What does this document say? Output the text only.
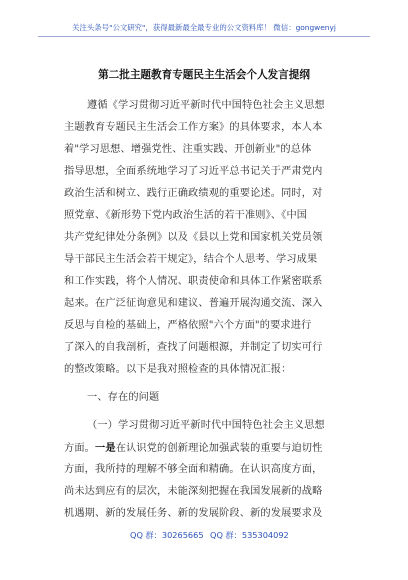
关注头条号"公文研究"，获得最新最全最专业的公文资料库！ 微信：gongwenyj
第二批主题教育专题民主生活会个人发言提纲
遵循《学习贯彻习近平新时代中国特色社会主义思想
主题教育专题民主生活会工作方案》的具体要求，本人本
着"学习思想、增强党性、注重实践、开创新业"的总体
指导思想，全面系统地学习了习近平总书记关于严肃党内
政治生活和树立、践行正确政绩观的重要论述。同时，对
照党章、《新形势下党内政治生活的若干准则》、《中国
共产党纪律处分条例》以及《县以上党和国家机关党员领
导干部民主生活会若干规定》，结合个人思考、学习成果
和工作实践，将个人情况、职责使命和具体工作紧密联系
起来。在广泛征询意见和建议、普遍开展沟通交流、深入
反思与自检的基础上，严格依照"六个方面"的要求进行
了深入的自我剖析，查找了问题根源，并制定了切实可行
的整改策略。以下是我对照检查的具体情况汇报：
一、存在的问题
（一）学习贯彻习近平新时代中国特色社会主义思想
方面。一是在认识党的创新理论加强武装的重要与迫切性
方面，我所持的理解不够全面和精确。在认识高度方面，
尚未达到应有的层次，未能深刻把握在我国发展新的战略
机遇期、新的发展任务、新的发展阶段、新的发展要求及
QQ 群：30265665 QQ 群：535304092
